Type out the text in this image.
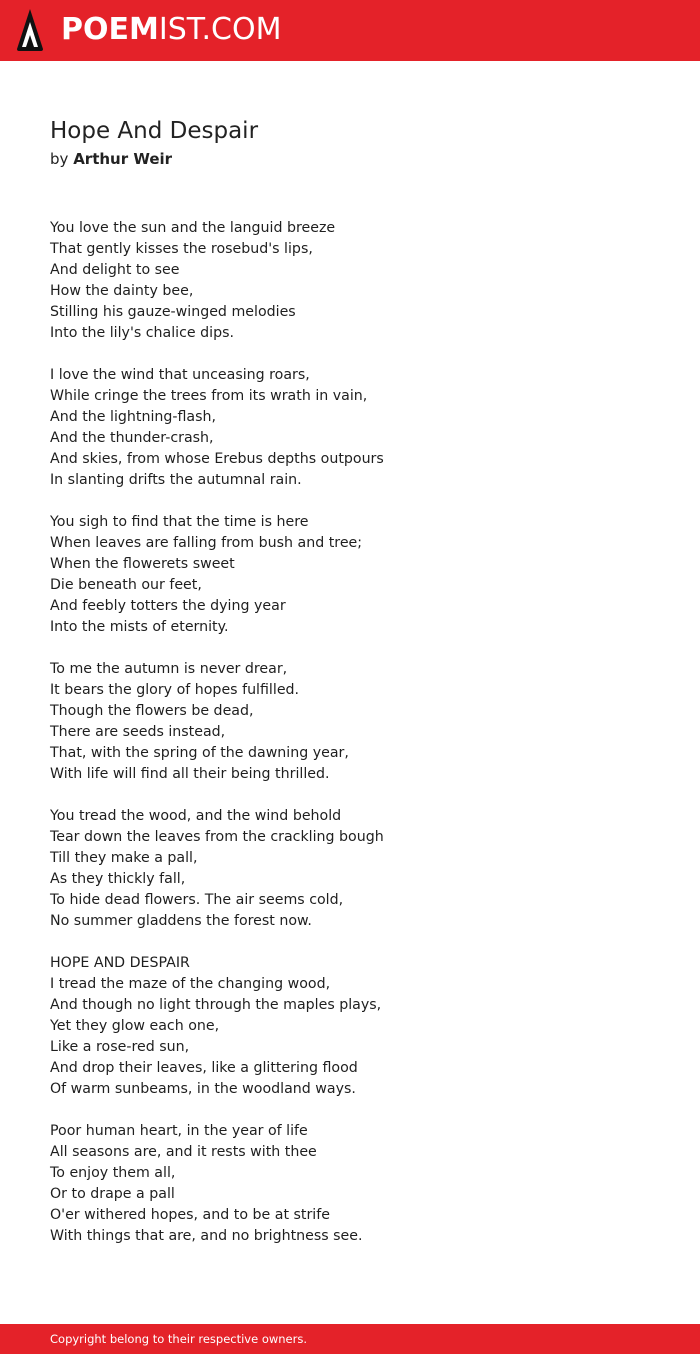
POEMIST.COM
Hope And Despair
by Arthur Weir
You love the sun and the languid breeze
That gently kisses the rosebud's lips,
And delight to see
How the dainty bee,
Stilling his gauze-winged melodies
Into the lily's chalice dips.
I love the wind that unceasing roars,
While cringe the trees from its wrath in vain,
And the lightning-flash,
And the thunder-crash,
And skies, from whose Erebus depths outpours
In slanting drifts the autumnal rain.
You sigh to find that the time is here
When leaves are falling from bush and tree;
When the flowerets sweet
Die beneath our feet,
And feebly totters the dying year
Into the mists of eternity.
To me the autumn is never drear,
It bears the glory of hopes fulfilled.
Though the flowers be dead,
There are seeds instead,
That, with the spring of the dawning year,
With life will find all their being thrilled.
You tread the wood, and the wind behold
Tear down the leaves from the crackling bough
Till they make a pall,
As they thickly fall,
To hide dead flowers. The air seems cold,
No summer gladdens the forest now.
HOPE AND DESPAIR
I tread the maze of the changing wood,
And though no light through the maples plays,
Yet they glow each one,
Like a rose-red sun,
And drop their leaves, like a glittering flood
Of warm sunbeams, in the woodland ways.
Poor human heart, in the year of life
All seasons are, and it rests with thee
To enjoy them all,
Or to drape a pall
O'er withered hopes, and to be at strife
With things that are, and no brightness see.
Copyright belong to their respective owners.
